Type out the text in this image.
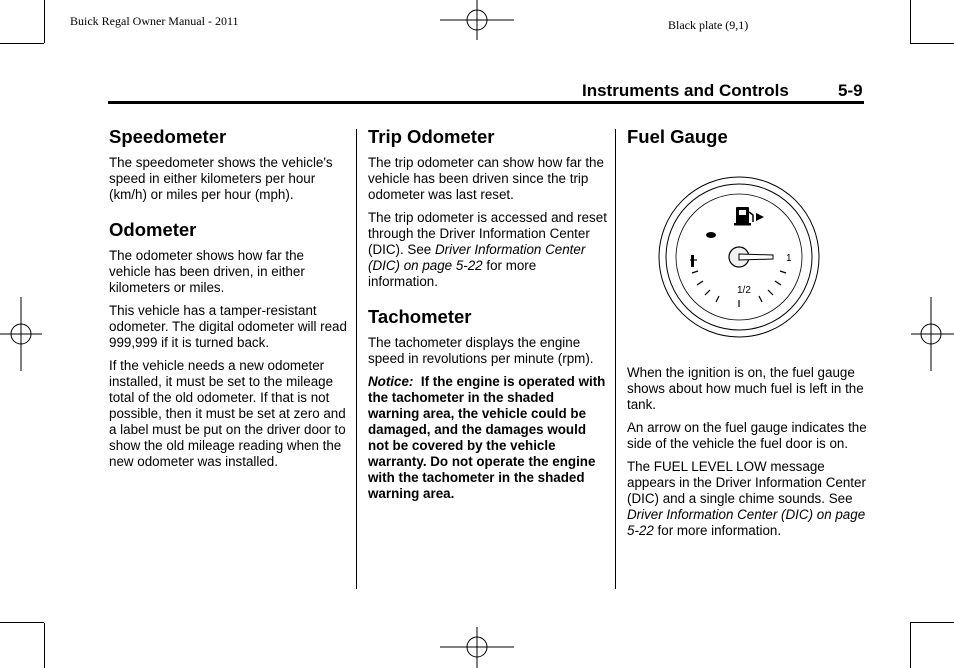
Buick Regal Owner Manual - 2011	Black plate (9,1)
Instruments and Controls	5-9
Speedometer

The speedometer shows the vehicle's speed in either kilometers per hour (km/h) or miles per hour (mph).

Odometer

The odometer shows how far the vehicle has been driven, in either kilometers or miles.

This vehicle has a tamper-resistant odometer. The digital odometer will read 999,999 if it is turned back.

If the vehicle needs a new odometer installed, it must be set to the mileage total of the old odometer. If that is not possible, then it must be set at zero and a label must be put on the driver door to show the old mileage reading when the new odometer was installed.

Trip Odometer

The trip odometer can show how far the vehicle has been driven since the trip odometer was last reset.

The trip odometer is accessed and reset through the Driver Information Center (DIC). See Driver Information Center (DIC) on page 5-22 for more information.

Tachometer

The tachometer displays the engine speed in revolutions per minute (rpm).

Notice: If the engine is operated with the tachometer in the shaded warning area, the vehicle could be damaged, and the damages would not be covered by the vehicle warranty. Do not operate the engine with the tachometer in the shaded warning area.

Fuel Gauge
1
1/2

When the ignition is on, the fuel gauge shows about how much fuel is left in the tank.

An arrow on the fuel gauge indicates the side of the vehicle the fuel door is on.

The FUEL LEVEL LOW message appears in the Driver Information Center (DIC) and a single chime sounds. See Driver Information Center (DIC) on page 5-22 for more information.
